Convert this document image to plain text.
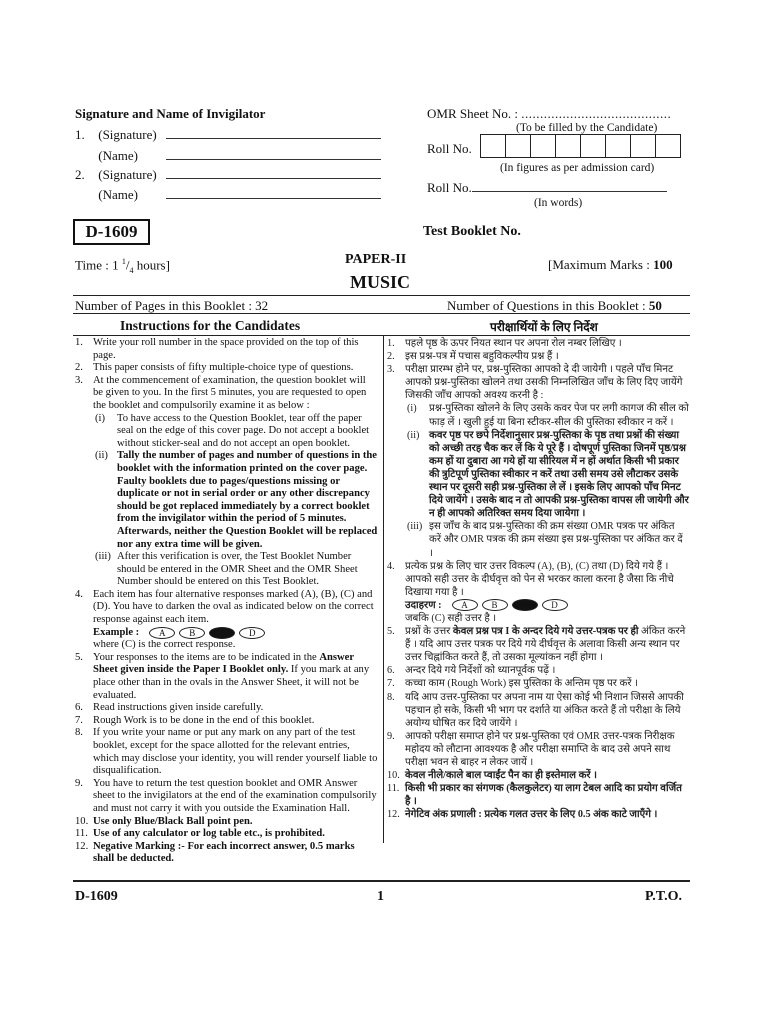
Signature and Name of Invigilator
1. (Signature)
(Name)
2. (Signature)
(Name)
OMR Sheet No. : ........................................
(To be filled by the Candidate)
Roll No.
(In figures as per admission card)
Roll No.
(In words)
D-1609	Test Booklet No.
Time : 1 $^1/_4$ hours]	PAPER-II
MUSIC
[Maximum Marks : 100
Number of Pages in this Booklet : 32	Number of Questions in this Booklet : 50
Instructions for the Candidates	परीक्षार्थियों के लिए निर्देश
1. Write your roll number in the space provided on the top of this page.
2. This paper consists of fifty multiple-choice type of questions.
3. At the commencement of examination, the question booklet will be given to you. In the first 5 minutes, you are requested to open the booklet and compulsorily examine it as below :
(i) To have access to the Question Booklet, tear off the paper seal on the edge of this cover page. Do not accept a booklet without sticker-seal and do not accept an open booklet.
(ii) Tally the number of pages and number of questions in the booklet with the information printed on the cover page. Faulty booklets due to pages/questions missing or duplicate or not in serial order or any other discrepancy should be got replaced immediately by a correct booklet from the invigilator within the period of 5 minutes. Afterwards, neither the Question Booklet will be replaced nor any extra time will be given.
(iii) After this verification is over, the Test Booklet Number should be entered in the OMR Sheet and the OMR Sheet Number should be entered on this Test Booklet.
4. Each item has four alternative responses marked (A), (B), (C) and (D). You have to darken the oval as indicated below on the correct response against each item.
Example :	A	B	D
where (C) is the correct response.
5. Your responses to the items are to be indicated in the Answer Sheet given inside the Paper I Booklet only. If you mark at any place other than in the ovals in the Answer Sheet, it will not be evaluated.
6. Read instructions given inside carefully.
7. Rough Work is to be done in the end of this booklet.
8. If you write your name or put any mark on any part of the test booklet, except for the space allotted for the relevant entries, which may disclose your identity, you will render yourself liable to disqualification.
9. You have to return the test question booklet and OMR Answer sheet to the invigilators at the end of the examination compulsorily and must not carry it with you outside the Examination Hall.
10. Use only Blue/Black Ball point pen.
11. Use of any calculator or log table etc., is prohibited.
12. Negative Marking :- For each incorrect answer, 0.5 marks shall be deducted.
1. पहले पृष्ठ के ऊपर नियत स्थान पर अपना रोल नम्बर लिखिए ।
2. इस प्रश्न-पत्र में पचास बहुविकल्पीय प्रश्न हैं ।
3. परीक्षा प्रारम्भ होने पर, प्रश्न-पुस्तिका आपको दे दी जायेगी । पहले पाँच मिनट आपको प्रश्न-पुस्तिका खोलने तथा उसकी निम्नलिखित जाँच के लिए दिए जायेंगे जिसकी जाँच आपको अवश्य करनी है :
(i) प्रश्न-पुस्तिका खोलने के लिए उसके कवर पेज पर लगी कागज की सील को फाड़ लें । खुली हुई या बिना स्टीकर-सील की पुस्तिका स्वीकार न करें ।
(ii) कवर पृष्ठ पर छपे निर्देशानुसार प्रश्न-पुस्तिका के पृष्ठ तथा प्रश्नों की संख्या को अच्छी तरह चैक कर लें कि ये पूरे हैं । दोषपूर्ण पुस्तिका जिनमें पृष्ठ/प्रश्न कम हों या दुबारा आ गये हों या सीरियल में न हों अर्थात किसी भी प्रकार की त्रुटिपूर्ण पुस्तिका स्वीकार न करें तथा उसी समय उसे लौटाकर उसके स्थान पर दूसरी सही प्रश्न-पुस्तिका ले लें । इसके लिए आपको पाँच मिनट दिये जायेंगे । उसके बाद न तो आपकी प्रश्न-पुस्तिका वापस ली जायेगी और न ही आपको अतिरिक्त समय दिया जायेगा ।
(iii) इस जाँच के बाद प्रश्न-पुस्तिका की क्रम संख्या OMR पत्रक पर अंकित करें और OMR पत्रक की क्रम संख्या इस प्रश्न-पुस्तिका पर अंकित कर दें ।
4. प्रत्येक प्रश्न के लिए चार उत्तर विकल्प (A), (B), (C) तथा (D) दिये गये हैं । आपको सही उत्तर के दीर्घवृत्त को पेन से भरकर काला करना है जैसा कि नीचे दिखाया गया है ।
उदाहरण :	A	B	D
जबकि (C) सही उत्तर है ।
5. प्रश्नों के उत्तर केवल प्रश्न पत्र I के अन्दर दिये गये उत्तर-पत्रक पर ही अंकित करने हैं । यदि आप उत्तर पत्रक पर दिये गये दीर्घवृत्त के अलावा किसी अन्य स्थान पर उत्तर चिह्नांकित करते हैं, तो उसका मूल्यांकन नहीं होगा ।
6. अन्दर दिये गये निर्देशों को ध्यानपूर्वक पढ़ें ।
7. कच्चा काम (Rough Work) इस पुस्तिका के अन्तिम पृष्ठ पर करें ।
8. यदि आप उत्तर-पुस्तिका पर अपना नाम या ऐसा कोई भी निशान जिससे आपकी पहचान हो सके, किसी भी भाग पर दर्शाते या अंकित करते हैं तो परीक्षा के लिये अयोग्य घोषित कर दिये जायेंगे ।
9. आपको परीक्षा समाप्त होने पर प्रश्न-पुस्तिका एवं OMR उत्तर-पत्रक निरीक्षक महोदय को लौटाना आवश्यक है और परीक्षा समाप्ति के बाद उसे अपने साथ परीक्षा भवन से बाहर न लेकर जायें ।
10. केवल नीले/काले बाल प्वाईंट पैन का ही इस्तेमाल करें ।
11. किसी भी प्रकार का संगणक (कैलकुलेटर) या लाग टेबल आदि का प्रयोग वर्जित है ।
12. नेगेटिव अंक प्रणाली : प्रत्येक गलत उत्तर के लिए 0.5 अंक काटे जाएँगे ।
D-1609	1	P.T.O.
